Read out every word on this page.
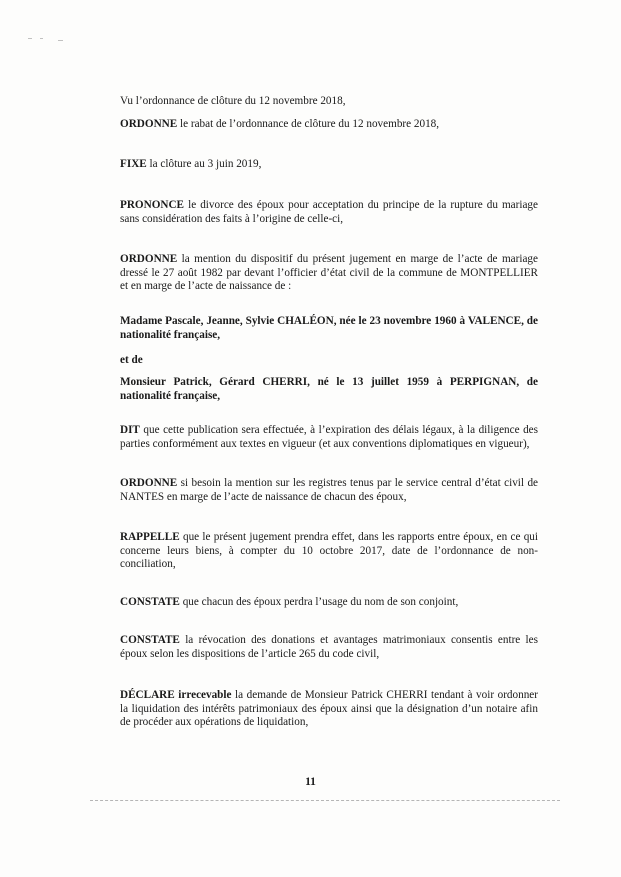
Vu l’ordonnance de clôture du 12 novembre 2018,
ORDONNE le rabat de l’ordonnance de clôture du 12 novembre 2018,
FIXE la clôture au 3 juin 2019,
PRONONCE le divorce des époux pour acceptation du principe de la rupture du mariage sans considération des faits à l’origine de celle-ci,
ORDONNE la mention du dispositif du présent jugement en marge de l’acte de mariage dressé le 27 août 1982 par devant l’officier d’état civil de la commune de MONTPELLIER et en marge de l’acte de naissance de :
Madame Pascale, Jeanne, Sylvie CHALÉON, née le 23 novembre 1960 à VALENCE, de nationalité française,
et de
Monsieur Patrick, Gérard CHERRI, né le 13 juillet 1959 à PERPIGNAN, de nationalité française,
DIT que cette publication sera effectuée, à l’expiration des délais légaux, à la diligence des parties conformément aux textes en vigueur (et aux conventions diplomatiques en vigueur),
ORDONNE si besoin la mention sur les registres tenus par le service central d’état civil de NANTES en marge de l’acte de naissance de chacun des époux,
RAPPELLE que le présent jugement prendra effet, dans les rapports entre époux, en ce qui concerne leurs biens, à compter du 10 octobre 2017, date de l’ordonnance de non-conciliation,
CONSTATE que chacun des époux perdra l’usage du nom de son conjoint,
CONSTATE la révocation des donations et avantages matrimoniaux consentis entre les époux selon les dispositions de l’article 265 du code civil,
DÉCLARE irrecevable la demande de Monsieur Patrick CHERRI tendant à voir ordonner la liquidation des intérêts patrimoniaux des époux ainsi que la désignation d’un notaire afin de procéder aux opérations de liquidation,
11
